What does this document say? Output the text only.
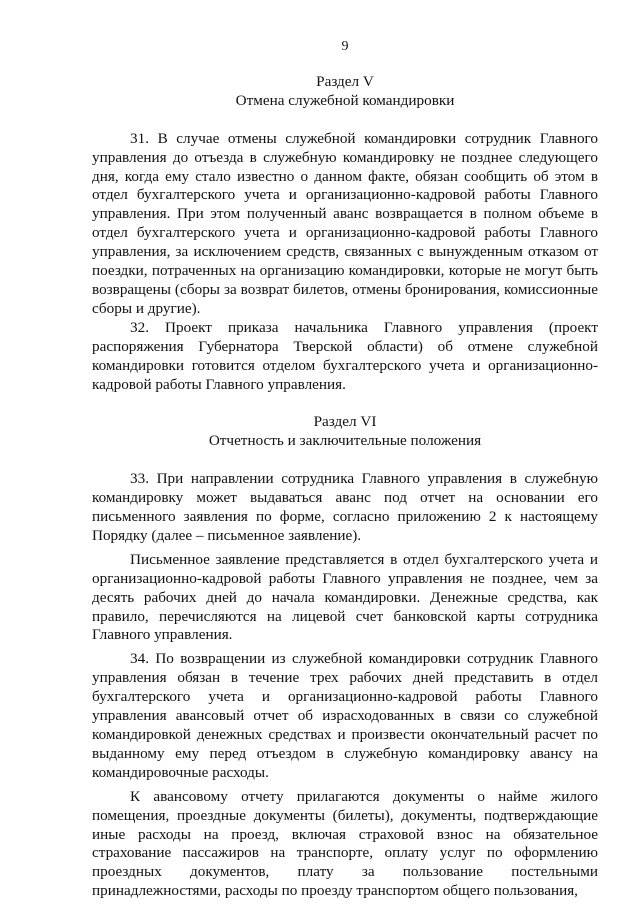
9

Раздел V

Отмена служебной командировки

31. В случае отмены служебной командировки сотрудник Главного управления до отъезда в служебную командировку не позднее следующего дня, когда ему стало известно о данном факте, обязан сообщить об этом в отдел бухгалтерского учета и организационно-кадровой работы Главного управления. При этом полученный аванс возвращается в полном объеме в отдел бухгалтерского учета и организационно-кадровой работы Главного управления, за исключением средств, связанных с вынужденным отказом от поездки, потраченных на организацию командировки, которые не могут быть возвращены (сборы за возврат билетов, отмены бронирования, комиссионные сборы и другие).

32. Проект приказа начальника Главного управления (проект распоряжения Губернатора Тверской области) об отмене служебной командировки готовится отделом бухгалтерского учета и организационно-кадровой работы Главного управления.

Раздел VI

Отчетность и заключительные положения

33. При направлении сотрудника Главного управления в служебную командировку может выдаваться аванс под отчет на основании его письменного заявления по форме, согласно приложению 2 к настоящему Порядку (далее – письменное заявление).

Письменное заявление представляется в отдел бухгалтерского учета и организационно-кадровой работы Главного управления не позднее, чем за десять рабочих дней до начала командировки. Денежные средства, как правило, перечисляются на лицевой счет банковской карты сотрудника Главного управления.

34. По возвращении из служебной командировки сотрудник Главного управления обязан в течение трех рабочих дней представить в отдел бухгалтерского учета и организационно-кадровой работы Главного управления авансовый отчет об израсходованных в связи со служебной командировкой денежных средствах и произвести окончательный расчет по выданному ему перед отъездом в служебную командировку авансу на командировочные расходы.

К авансовому отчету прилагаются документы о найме жилого помещения, проездные документы (билеты), документы, подтверждающие иные расходы на проезд, включая страховой взнос на обязательное страхование пассажиров на транспорте, оплату услуг по оформлению проездных документов, плату за пользование постельными принадлежностями, расходы по проезду транспортом общего пользования,
